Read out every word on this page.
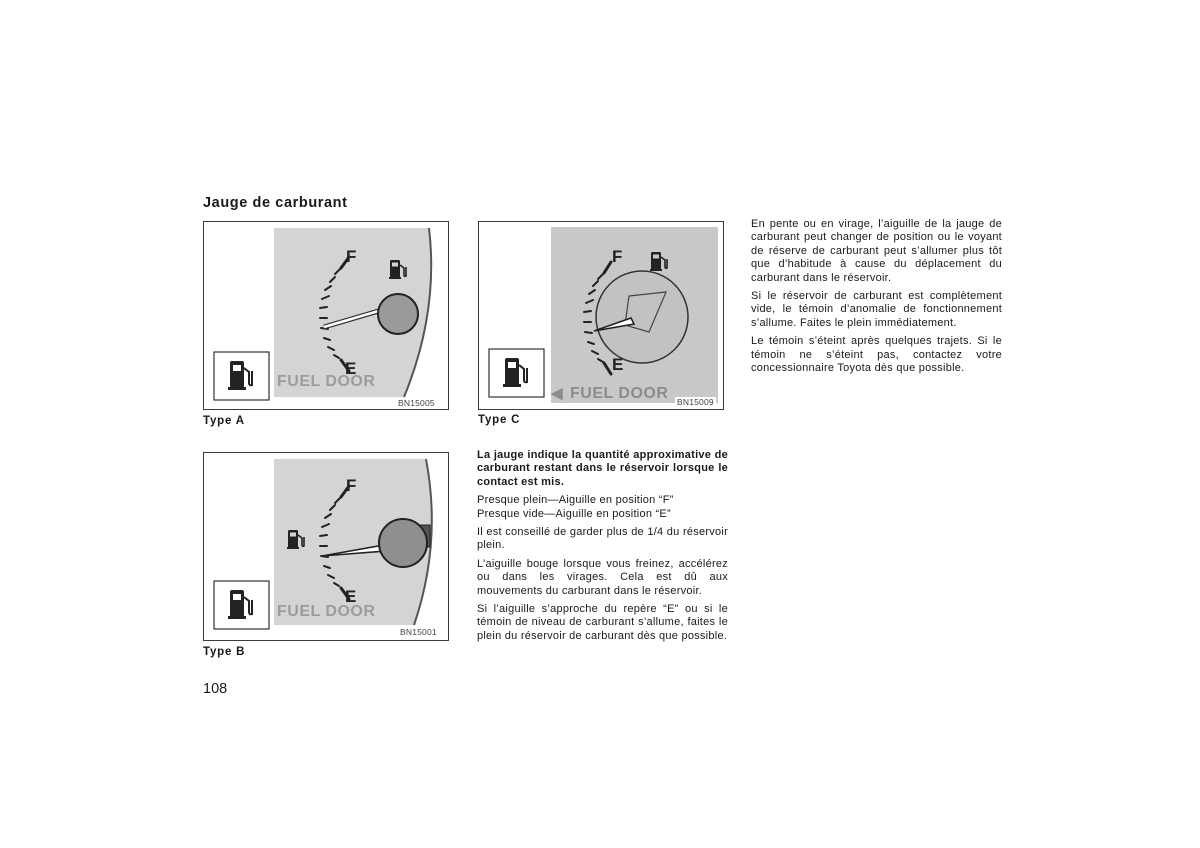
Jauge de carburant
F
E
FUEL DOOR
BN15005
Type A
F
E
FUEL DOOR
BN15001
Type B
F
E
◀ FUEL DOOR BN15009
Type C

La jauge indique la quantité approximative de carburant restant dans le réservoir lorsque le contact est mis.

Presque plein—Aiguille en position “F”
Presque vide—Aiguille en position “E”

Il est conseillé de garder plus de 1/4 du réservoir plein.

L’aiguille bouge lorsque vous freinez, accélérez ou dans les virages. Cela est dû aux mouvements du carburant dans le réservoir.

Si l’aiguille s’approche du repère “E” ou si le témoin de niveau de carburant s’allume, faites le plein du réservoir de carburant dès que possible.

En pente ou en virage, l’aiguille de la jauge de carburant peut changer de position ou le voyant de réserve de carburant peut s’allumer plus tôt que d’habitude à cause du déplacement du carburant dans le réservoir.

Si le réservoir de carburant est complètement vide, le témoin d’anomalie de fonctionnement s’allume. Faites le plein immédiatement.

Le témoin s’éteint après quelques trajets. Si le témoin ne s’éteint pas, contactez votre concessionnaire Toyota dès que possible.

108
